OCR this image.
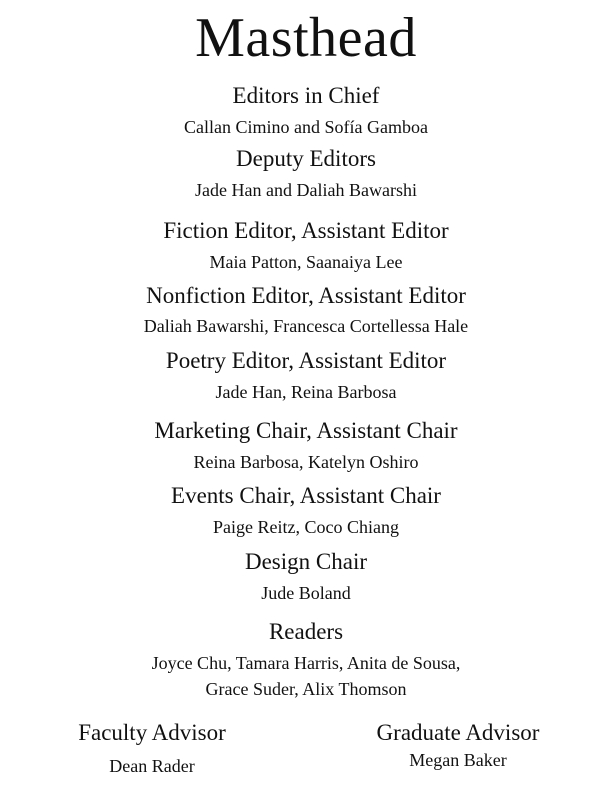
Masthead
Editors in Chief
Callan Cimino and Sofía Gamboa
Deputy Editors
Jade Han and Daliah Bawarshi
Fiction Editor, Assistant Editor
Maia Patton, Saanaiya Lee
Nonfiction Editor, Assistant Editor
Daliah Bawarshi, Francesca Cortellessa Hale
Poetry Editor, Assistant Editor
Jade Han, Reina Barbosa
Marketing Chair, Assistant Chair
Reina Barbosa, Katelyn Oshiro
Events Chair, Assistant Chair
Paige Reitz, Coco Chiang
Design Chair
Jude Boland
Readers
Joyce Chu, Tamara Harris, Anita de Sousa,
Grace Suder, Alix Thomson
Faculty Advisor
Dean Rader
Graduate Advisor
Megan Baker
